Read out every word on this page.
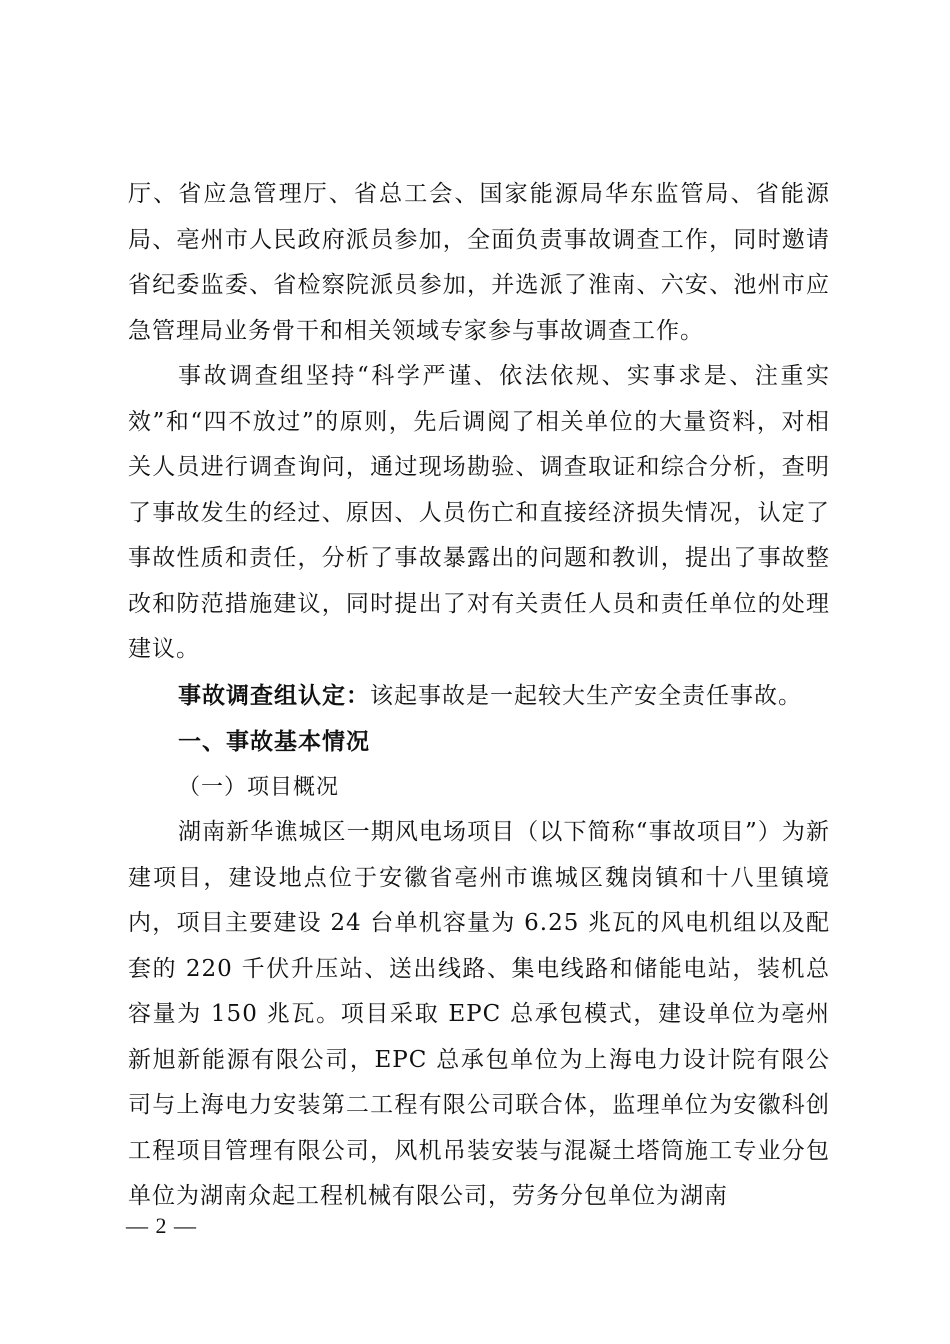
厅、省应急管理厅、省总工会、国家能源局华东监管局、省能源局、亳州市人民政府派员参加，全面负责事故调查工作，同时邀请省纪委监委、省检察院派员参加，并选派了淮南、六安、池州市应急管理局业务骨干和相关领域专家参与事故调查工作。

事故调查组坚持“科学严谨、依法依规、实事求是、注重实效”和“四不放过”的原则，先后调阅了相关单位的大量资料，对相关人员进行调查询问，通过现场勘验、调查取证和综合分析，查明了事故发生的经过、原因、人员伤亡和直接经济损失情况，认定了事故性质和责任，分析了事故暴露出的问题和教训，提出了事故整改和防范措施建议，同时提出了对有关责任人员和责任单位的处理建议。

事故调查组认定：该起事故是一起较大生产安全责任事故。

一、事故基本情况
（一）项目概况

湖南新华谯城区一期风电场项目（以下简称“事故项目”）为新建项目，建设地点位于安徽省亳州市谯城区魏岗镇和十八里镇境内，项目主要建设 24 台单机容量为 6.25 兆瓦的风电机组以及配套的 220 千伏升压站、送出线路、集电线路和储能电站，装机总容量为 150 兆瓦。项目采取 EPC 总承包模式，建设单位为亳州新旭新能源有限公司，EPC 总承包单位为上海电力设计院有限公司与上海电力安装第二工程有限公司联合体，监理单位为安徽科创工程项目管理有限公司，风机吊装安装与混凝土塔筒施工专业分包单位为湖南众起工程机械有限公司，劳务分包单位为湖南

— 2 —
